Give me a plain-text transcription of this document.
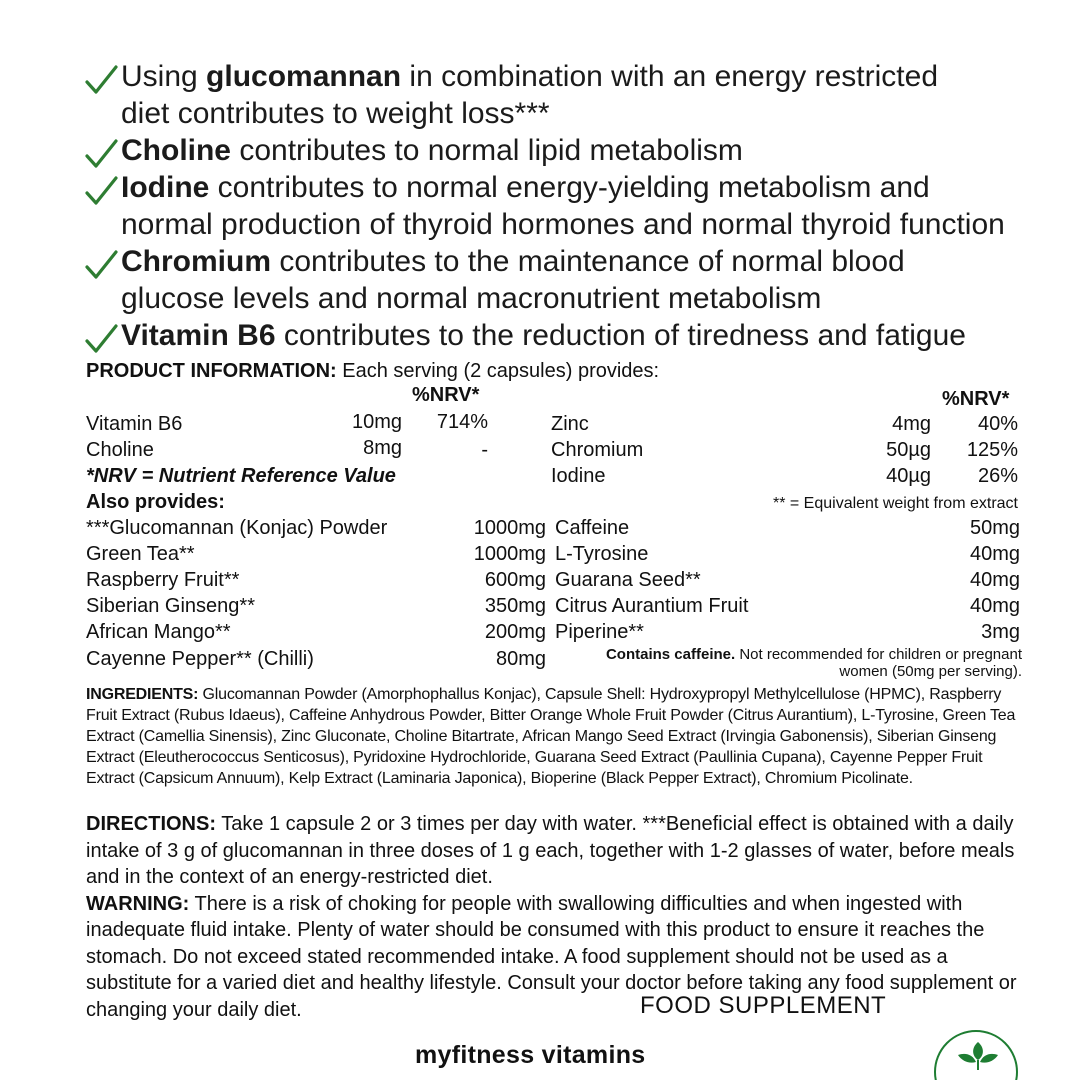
Using glucomannan in combination with an energy restricted
diet contributes to weight loss***
Choline contributes to normal lipid metabolism
Iodine contributes to normal energy-yielding metabolism and
normal production of thyroid hormones and normal thyroid function
Chromium contributes to the maintenance of normal blood
glucose levels and normal macronutrient metabolism
Vitamin B6 contributes to the reduction of tiredness and fatigue
PRODUCT INFORMATION: Each serving (2 capsules) provides:
%NRV*	%NRV*
Vitamin B6	10mg 714%
Choline	8mg	-
Zinc	4mg 40%
Chromium	50µg 125%
Iodine	40µg 26%
*NRV = Nutrient Reference Value
Also provides:	** = Equivalent weight from extract
***Glucomannan (Konjac) Powder	1000mg
Green Tea**	1000mg
Raspberry Fruit**	600mg
Siberian Ginseng**	350mg
African Mango**	200mg
Cayenne Pepper** (Chilli)	80mg
Caffeine	50mg
L-Tyrosine	40mg
Guarana Seed**	40mg
Citrus Aurantium Fruit	40mg
Piperine**	3mg
Contains caffeine. Not recommended for children or pregnant women (50mg per serving).
INGREDIENTS: Glucomannan Powder (Amorphophallus Konjac), Capsule Shell: Hydroxypropyl Methylcellulose (HPMC), Raspberry Fruit Extract (Rubus Idaeus), Caffeine Anhydrous Powder, Bitter Orange Whole Fruit Powder (Citrus Aurantium), L-Tyrosine, Green Tea Extract (Camellia Sinensis), Zinc Gluconate, Choline Bitartrate, African Mango Seed Extract (Irvingia Gabonensis), Siberian Ginseng Extract (Eleutherococcus Senticosus), Pyridoxine Hydrochloride, Guarana Seed Extract (Paullinia Cupana), Cayenne Pepper Fruit Extract (Capsicum Annuum), Kelp Extract (Laminaria Japonica), Bioperine (Black Pepper Extract), Chromium Picolinate.
DIRECTIONS: Take 1 capsule 2 or 3 times per day with water. ***Beneficial effect is obtained with a daily intake of 3 g of glucomannan in three doses of 1 g each, together with 1-2 glasses of water, before meals and in the context of an energy-restricted diet.
WARNING: There is a risk of choking for people with swallowing difficulties and when ingested with inadequate fluid intake. Plenty of water should be consumed with this product to ensure it reaches the stomach. Do not exceed stated recommended intake. A food supplement should not be used as a substitute for a varied diet and healthy lifestyle. Consult your doctor before taking any food supplement or changing your daily diet.	FOOD SUPPLEMENT
myfitness vitamins
